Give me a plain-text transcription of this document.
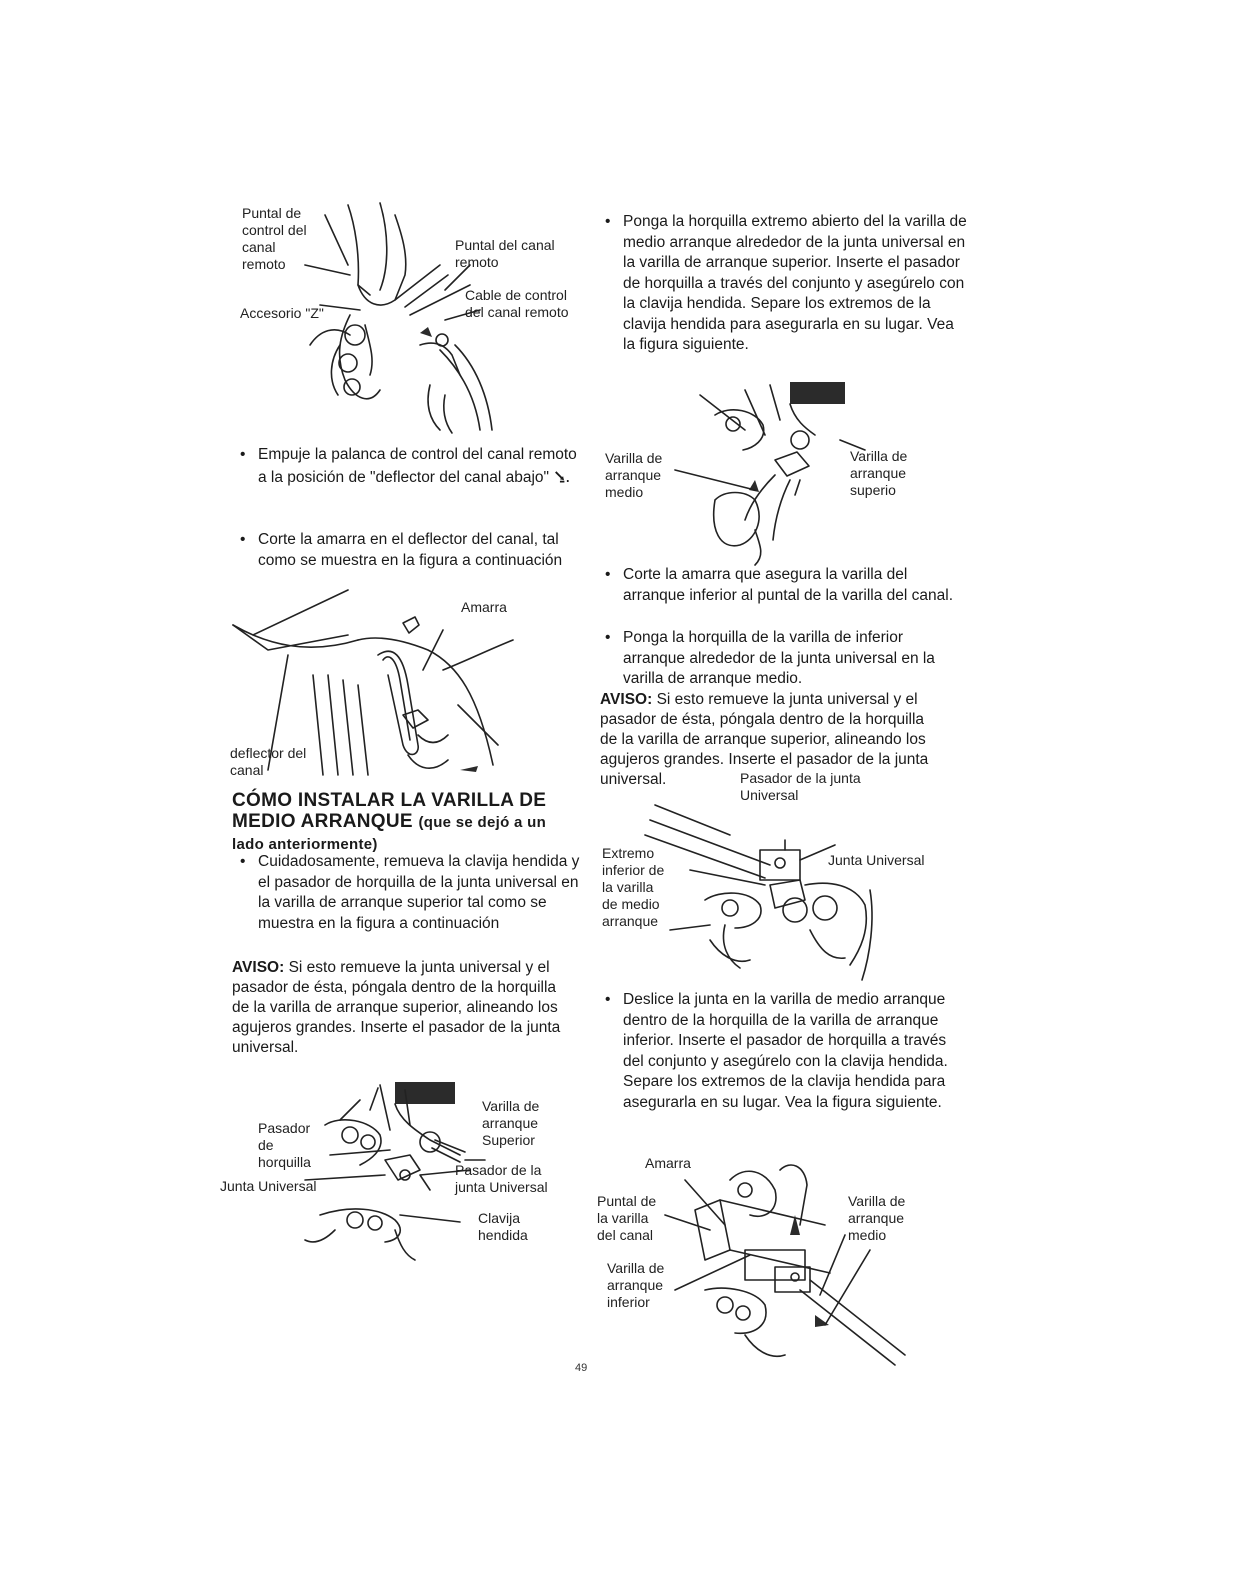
Puntal de
control del
canal
remoto
Puntal del canal
remoto
Accesorio "Z"
Cable de control
del canal remoto
• Empuje la palanca de control del canal remoto a la posición de "deflector del canal abajo" ⭸.
• Corte la amarra en el deflector del canal, tal como se muestra en la figura a continuación
Amarra
deflector del
canal
CÓMO INSTALAR LA VARILLA DE MEDIO ARRANQUE (que se dejó a un lado anteriormente)
• Cuidadosamente, remueva la clavija hendida y el pasador de horquilla de la junta universal en la varilla de arranque superior tal como se muestra en la figura a continuación
AVISO: Si esto remueve la junta universal y el pasador de ésta, póngala dentro de la horquilla de la varilla de arranque superior, alineando los agujeros grandes. Inserte el pasador de la junta universal.
Pasador
de
horquilla
Junta Universal
Varilla de
arranque
Superior
Pasador de la
junta Universal
Clavija
hendida
• Ponga la horquilla extremo abierto del la varilla de medio arranque alrededor de la junta universal en la varilla de arranque superior. Inserte el pasador de horquilla a través del conjunto y asegúrelo con la clavija hendida. Separe los extremos de la clavija hendida para asegurarla en su lugar. Vea la figura siguiente.
Varilla de
arranque
medio
Varilla de
arranque
superio
• Corte la amarra que asegura la varilla del arranque inferior al puntal de la varilla del canal.
• Ponga la horquilla de la varilla de inferior arranque alrededor de la junta universal en la varilla de arranque medio.
AVISO: Si esto remueve la junta universal y el pasador de ésta, póngala dentro de la horquilla de la varilla de arranque superior, alineando los agujeros grandes. Inserte el pasador de la junta universal.	Pasador de la junta
Universal
Extremo
inferior de
la varilla
de medio
arranque
Junta Universal
• Deslice la junta en la varilla de medio arranque dentro de la horquilla de la varilla de arranque inferior. Inserte el pasador de horquilla a través del conjunto y asegúrelo con la clavija hendida. Separe los extremos de la clavija hendida para asegurarla en su lugar. Vea la figura siguiente.
Amarra
Puntal de
la varilla
del canal
Varilla de
arranque
inferior
Varilla de
arranque
medio
49
